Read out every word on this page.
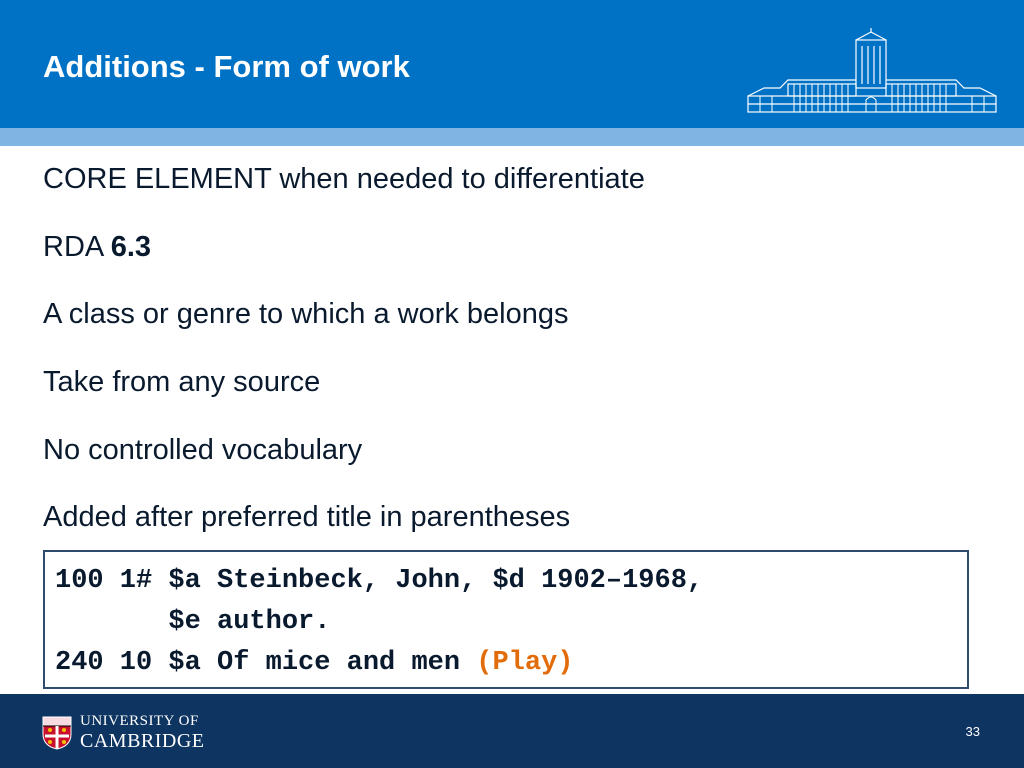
Additions - Form of work
CORE ELEMENT when needed to differentiate
RDA 6.3
A class or genre to which a work belongs
Take from any source
No controlled vocabulary
Added after preferred title in parentheses
100 1# $a Steinbeck, John, $d 1902–1968,
$e author.
240 10 $a Of mice and men (Play)
UNIVERSITY OF
CAMBRIDGE	33
